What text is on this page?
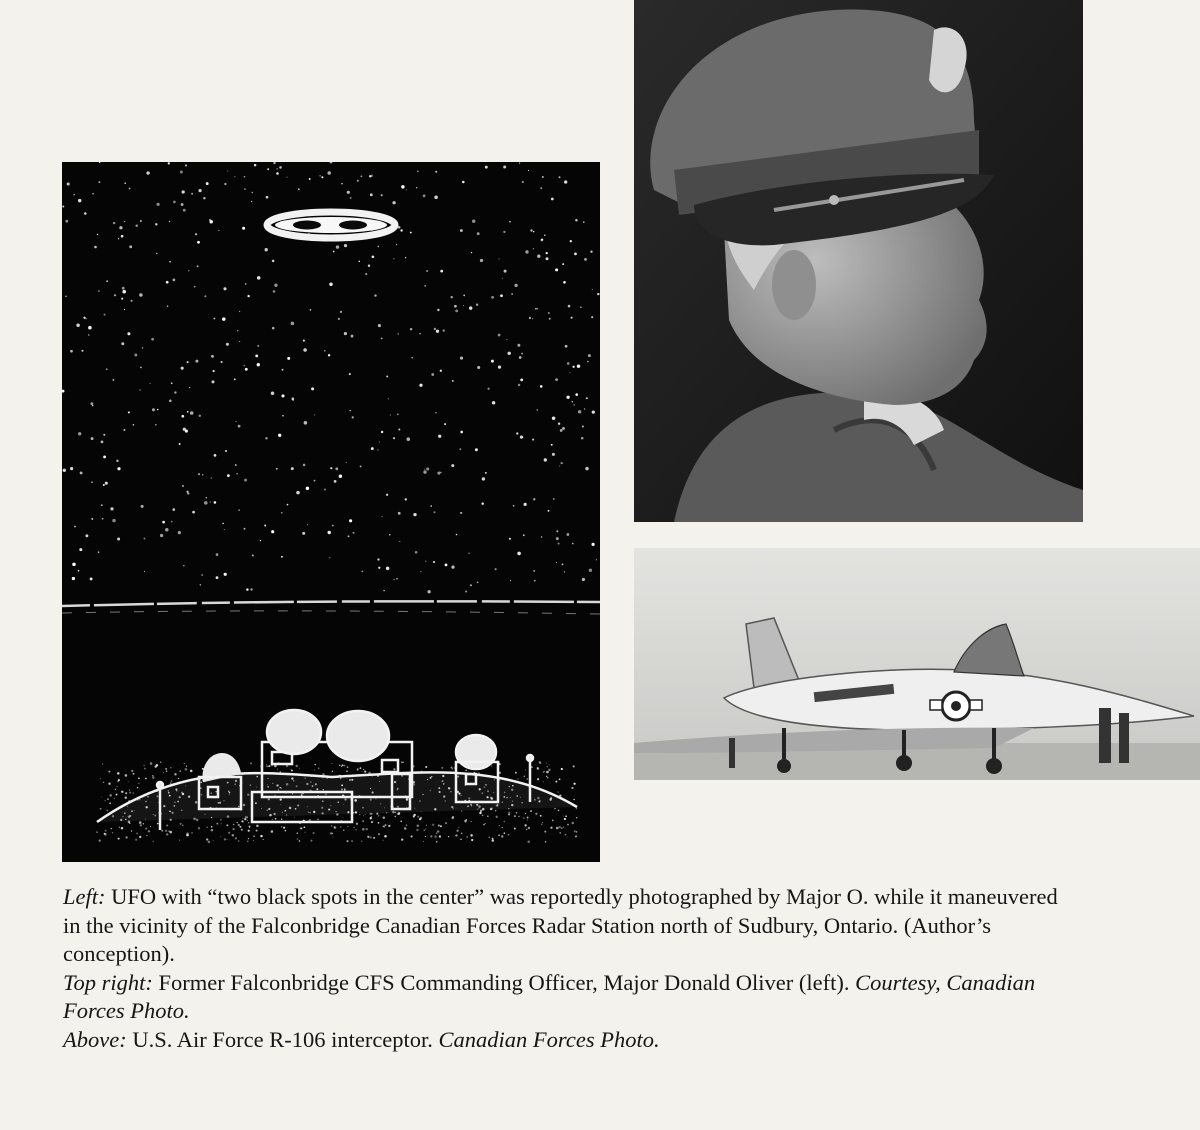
Left: UFO with “two black spots in the center” was reportedly photographed by Major O. while it maneuvered in the vicinity of the Falconbridge Canadian Forces Radar Station north of Sudbury, Ontario. (Author’s conception).

Top right: Former Falconbridge CFS Commanding Officer, Major Donald Oliver (left). Courtesy, Canadian Forces Photo.

Above: U.S. Air Force R-106 interceptor. Canadian Forces Photo.
